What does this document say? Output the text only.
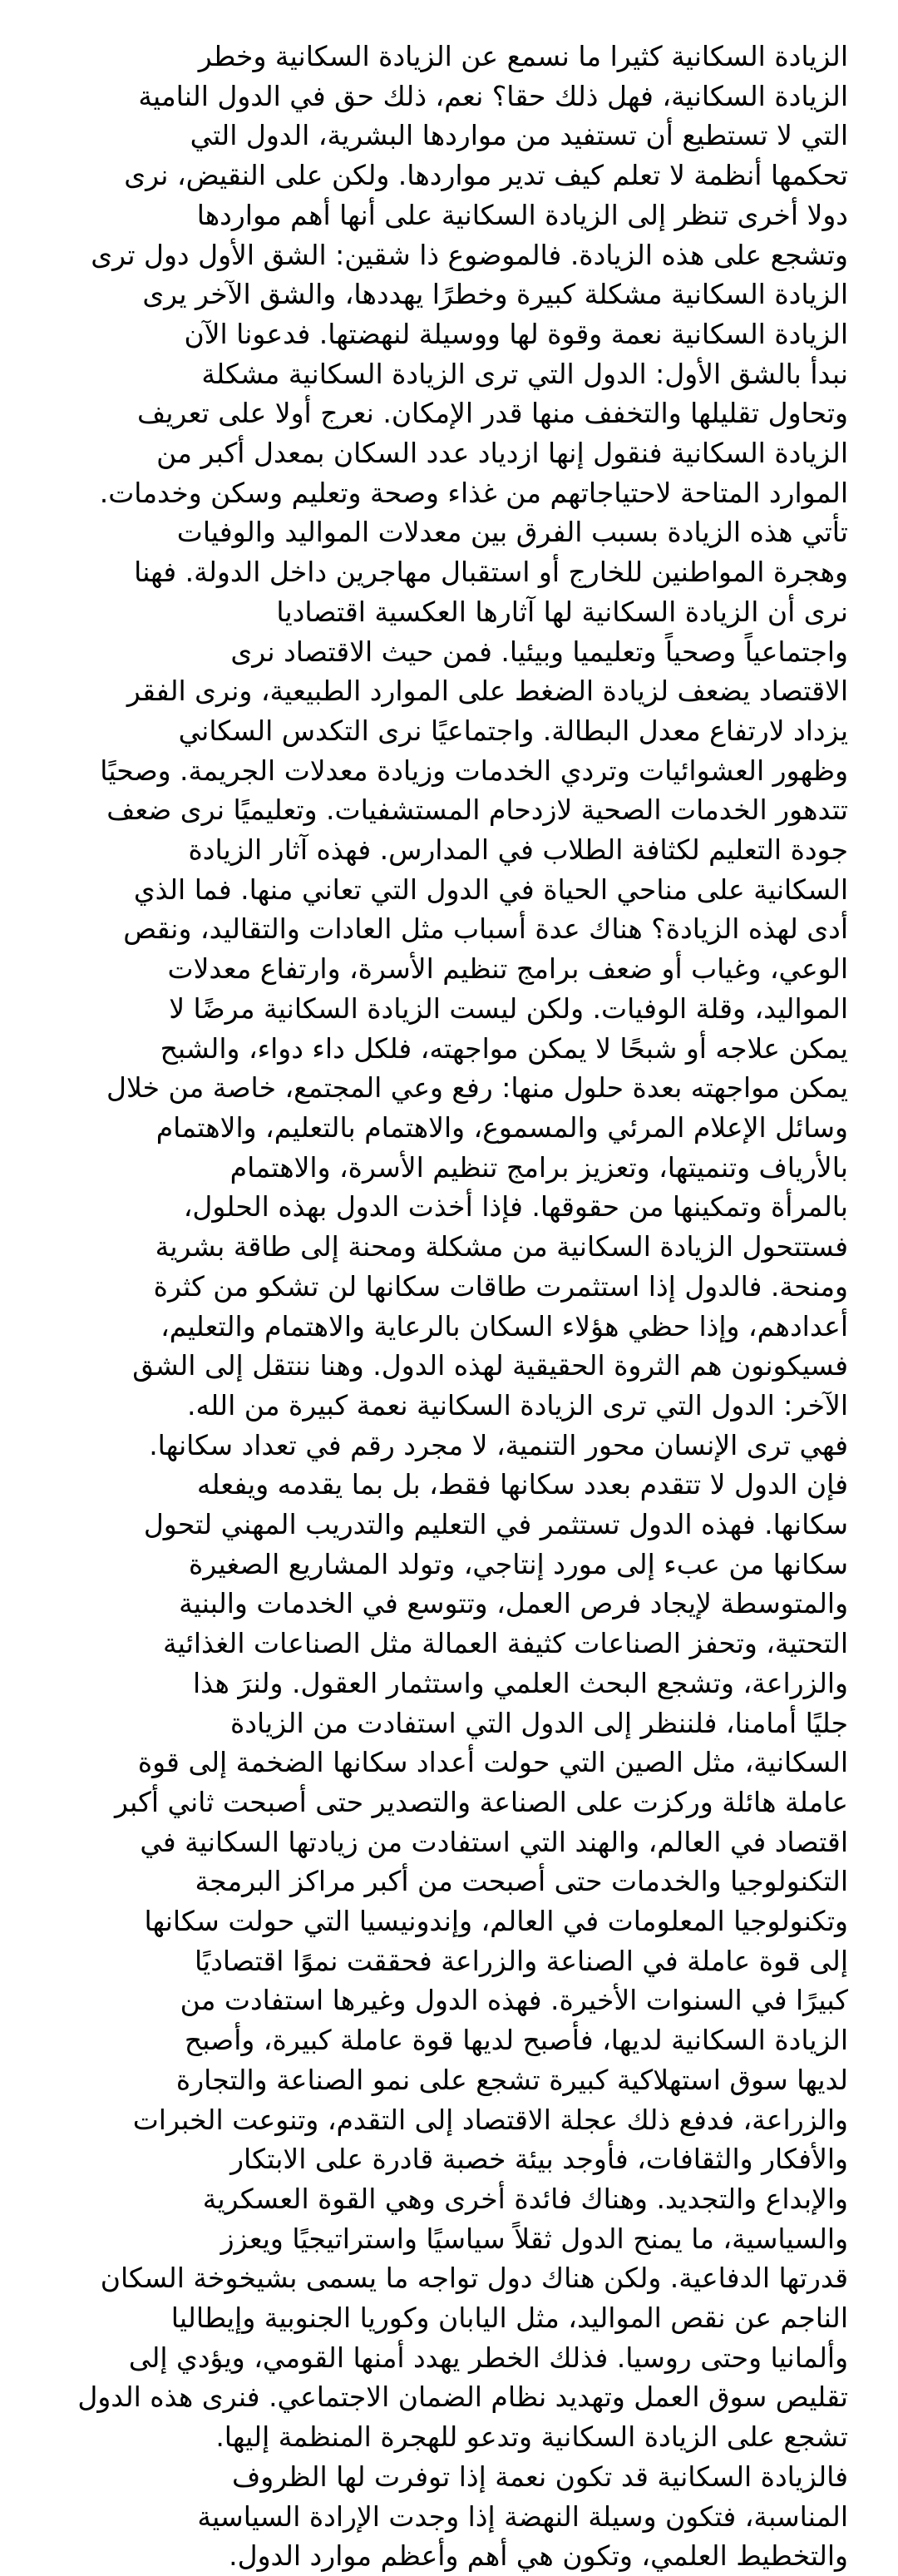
الزيادة السكانية كثيرا ما نسمع عن الزيادة السكانية وخطر
الزيادة السكانية، فهل ذلك حقا؟ نعم، ذلك حق في الدول النامية
التي لا تستطيع أن تستفيد من مواردها البشرية، الدول التي
تحكمها أنظمة لا تعلم كيف تدير مواردها. ولكن على النقيض، نرى
دولا أخرى تنظر إلى الزيادة السكانية على أنها أهم مواردها
وتشجع على هذه الزيادة. فالموضوع ذا شقين: الشق الأول دول ترى
الزيادة السكانية مشكلة كبيرة وخطرًا يهددها، والشق الآخر يرى
الزيادة السكانية نعمة وقوة لها ووسيلة لنهضتها. فدعونا الآن
نبدأ بالشق الأول: الدول التي ترى الزيادة السكانية مشكلة
وتحاول تقليلها والتخفف منها قدر الإمكان. نعرج أولا على تعريف
الزيادة السكانية فنقول إنها ازدياد عدد السكان بمعدل أكبر من
الموارد المتاحة لاحتياجاتهم من غذاء وصحة وتعليم وسكن وخدمات.
تأتي هذه الزيادة بسبب الفرق بين معدلات المواليد والوفيات
وهجرة المواطنين للخارج أو استقبال مهاجرين داخل الدولة. فهنا
نرى أن الزيادة السكانية لها آثارها العكسية اقتصاديا
واجتماعياً وصحياً وتعليميا وبيئيا. فمن حيث الاقتصاد نرى
الاقتصاد يضعف لزيادة الضغط على الموارد الطبيعية، ونرى الفقر
يزداد لارتفاع معدل البطالة. واجتماعيًا نرى التكدس السكاني
وظهور العشوائيات وتردي الخدمات وزيادة معدلات الجريمة. وصحيًا
تتدهور الخدمات الصحية لازدحام المستشفيات. وتعليميًا نرى ضعف
جودة التعليم لكثافة الطلاب في المدارس. فهذه آثار الزيادة
السكانية على مناحي الحياة في الدول التي تعاني منها. فما الذي
أدى لهذه الزيادة؟ هناك عدة أسباب مثل العادات والتقاليد، ونقص
الوعي، وغياب أو ضعف برامج تنظيم الأسرة، وارتفاع معدلات
المواليد، وقلة الوفيات. ولكن ليست الزيادة السكانية مرضًا لا
يمكن علاجه أو شبحًا لا يمكن مواجهته، فلكل داء دواء، والشبح
يمكن مواجهته بعدة حلول منها: رفع وعي المجتمع، خاصة من خلال
وسائل الإعلام المرئي والمسموع، والاهتمام بالتعليم، والاهتمام
بالأرياف وتنميتها، وتعزيز برامج تنظيم الأسرة، والاهتمام
بالمرأة وتمكينها من حقوقها. فإذا أخذت الدول بهذه الحلول،
فستتحول الزيادة السكانية من مشكلة ومحنة إلى طاقة بشرية
ومنحة. فالدول إذا استثمرت طاقات سكانها لن تشكو من كثرة
أعدادهم، وإذا حظي هؤلاء السكان بالرعاية والاهتمام والتعليم،
فسيكونون هم الثروة الحقيقية لهذه الدول. وهنا ننتقل إلى الشق
الآخر: الدول التي ترى الزيادة السكانية نعمة كبيرة من الله.
فهي ترى الإنسان محور التنمية، لا مجرد رقم في تعداد سكانها.
فإن الدول لا تتقدم بعدد سكانها فقط، بل بما يقدمه ويفعله
سكانها. فهذه الدول تستثمر في التعليم والتدريب المهني لتحول
سكانها من عبء إلى مورد إنتاجي، وتولد المشاريع الصغيرة
والمتوسطة لإيجاد فرص العمل، وتتوسع في الخدمات والبنية
التحتية، وتحفز الصناعات كثيفة العمالة مثل الصناعات الغذائية
والزراعة، وتشجع البحث العلمي واستثمار العقول. ولنرَ هذا
جليًا أمامنا، فلننظر إلى الدول التي استفادت من الزيادة
السكانية، مثل الصين التي حولت أعداد سكانها الضخمة إلى قوة
عاملة هائلة وركزت على الصناعة والتصدير حتى أصبحت ثاني أكبر
اقتصاد في العالم، والهند التي استفادت من زيادتها السكانية في
التكنولوجيا والخدمات حتى أصبحت من أكبر مراكز البرمجة
وتكنولوجيا المعلومات في العالم، وإندونيسيا التي حولت سكانها
إلى قوة عاملة في الصناعة والزراعة فحققت نموًا اقتصاديًا
كبيرًا في السنوات الأخيرة. فهذه الدول وغيرها استفادت من
الزيادة السكانية لديها، فأصبح لديها قوة عاملة كبيرة، وأصبح
لديها سوق استهلاكية كبيرة تشجع على نمو الصناعة والتجارة
والزراعة، فدفع ذلك عجلة الاقتصاد إلى التقدم، وتنوعت الخبرات
والأفكار والثقافات، فأوجد بيئة خصبة قادرة على الابتكار
والإبداع والتجديد. وهناك فائدة أخرى وهي القوة العسكرية
والسياسية، ما يمنح الدول ثقلاً سياسيًا واستراتيجيًا ويعزز
قدرتها الدفاعية. ولكن هناك دول تواجه ما يسمى بشيخوخة السكان
الناجم عن نقص المواليد، مثل اليابان وكوريا الجنوبية وإيطاليا
وألمانيا وحتى روسيا. فذلك الخطر يهدد أمنها القومي، ويؤدي إلى
تقليص سوق العمل وتهديد نظام الضمان الاجتماعي. فنرى هذه الدول
تشجع على الزيادة السكانية وتدعو للهجرة المنظمة إليها.
فالزيادة السكانية قد تكون نعمة إذا توفرت لها الظروف
المناسبة، فتكون وسيلة النهضة إذا وجدت الإرادة السياسية
والتخطيط العلمي، وتكون هي أهم وأعظم موارد الدول.
